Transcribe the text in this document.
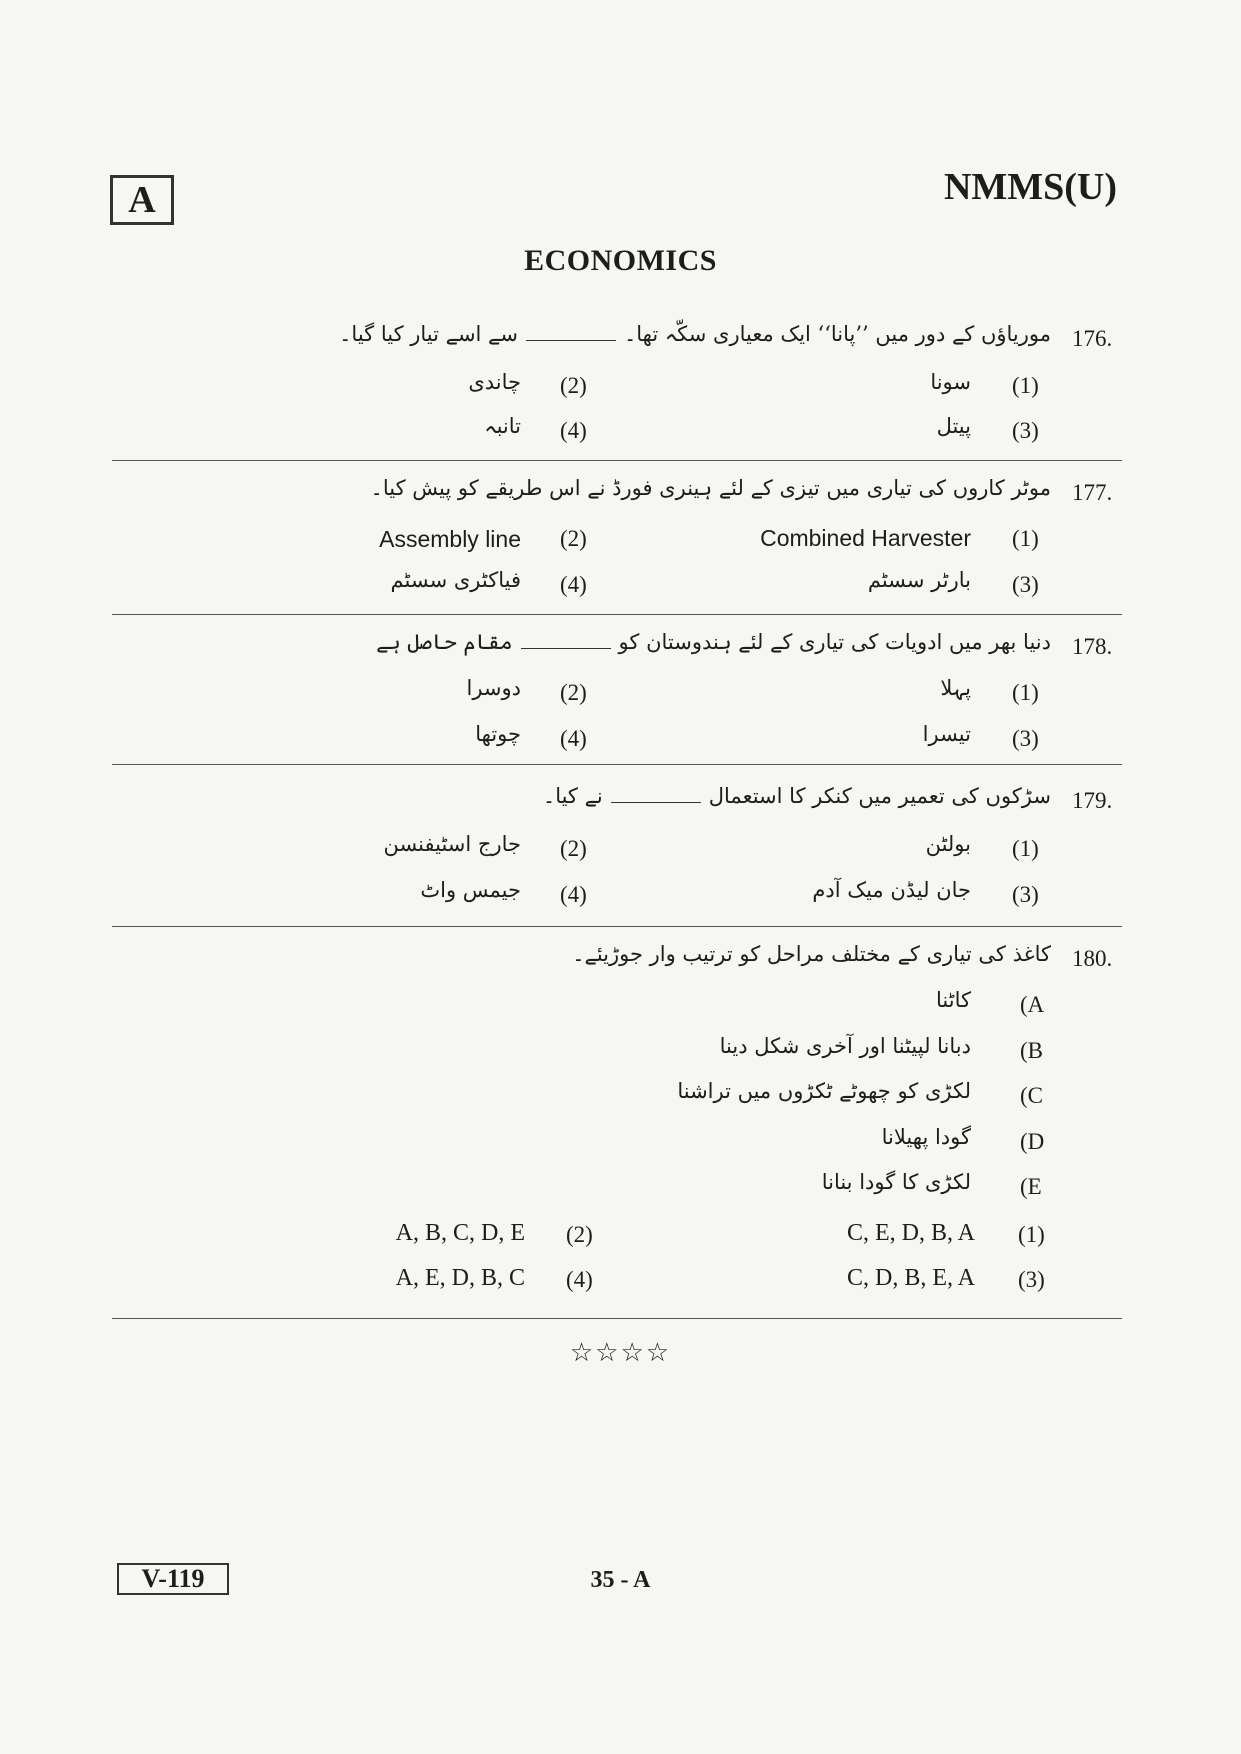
A	NMMS(U)
ECONOMICS
176.
موریاؤں کے دور میں ’’پانا‘‘ ایک معیاری سکّہ تھا۔سے اسے تیار کیا گیا۔
(1)
سونا
(2)
چاندی
(3)
پیتل
(4)
تانبہ
177.
موٹر کاروں کی تیاری میں تیزی کے لئے ہینری فورڈ نے اس طریقے کو پیش کیا۔
(1)
Combined Harvester
(2)
Assembly line
(3)
بارٹر سسٹم
(4)
فیاکٹری سسٹم
178.
دنیا بھر میں ادویات کی تیاری کے لئے ہندوستان کومقام حاصل ہے
(1)
پہلا
(2)
دوسرا
(3)
تیسرا
(4)
چوتھا
179.
سڑکوں کی تعمیر میں کنکر کا استعمالنے کیا۔
(1)
بولٹن
(2)
جارج اسٹیفنسن
(3)
جان لیڈن میک آدم
(4)
جیمس واٹ
180.
کاغذ کی تیاری کے مختلف مراحل کو ترتیب وار جوڑیئے۔
(A
کاٹنا
(B
دبانا لپیٹنا اور آخری شکل دینا
(C
لکڑی کو چھوٹے ٹکڑوں میں تراشنا
(D
گودا پھیلانا
(E
لکڑی کا گودا بنانا
(1)
C, E, D, B, A
(2)
A, B, C, D, E
(3)
C, D, B, E, A
(4)
A, E, D, B, C
☆☆☆☆
V-119	35 - A
